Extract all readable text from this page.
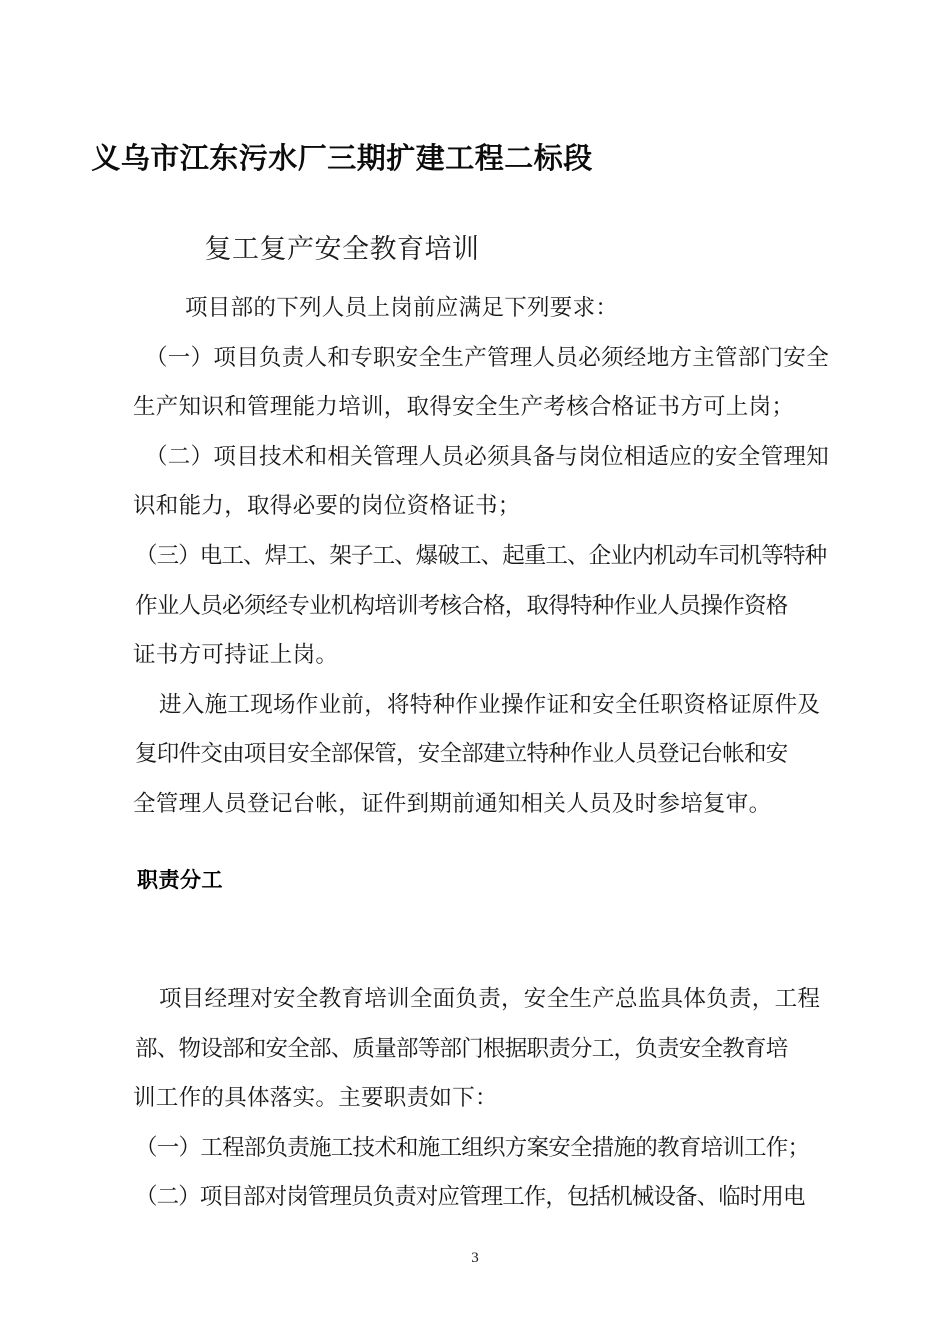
义乌市江东污水厂三期扩建工程二标段
复工复产安全教育培训
项目部的下列人员上岗前应满足下列要求：
（一）项目负责人和专职安全生产管理人员必须经地方主管部门安全
生产知识和管理能力培训，取得安全生产考核合格证书方可上岗；
（二）项目技术和相关管理人员必须具备与岗位相适应的安全管理知
识和能力，取得必要的岗位资格证书；
（三）电工、焊工、架子工、爆破工、起重工、企业内机动车司机等特种
作业人员必须经专业机构培训考核合格，取得特种作业人员操作资格
证书方可持证上岗。
进入施工现场作业前，将特种作业操作证和安全任职资格证原件及
复印件交由项目安全部保管，安全部建立特种作业人员登记台帐和安
全管理人员登记台帐，证件到期前通知相关人员及时参培复审。
职责分工
项目经理对安全教育培训全面负责，安全生产总监具体负责，工程
部、物设部和安全部、质量部等部门根据职责分工，负责安全教育培
训工作的具体落实。主要职责如下：
（一）工程部负责施工技术和施工组织方案安全措施的教育培训工作；
（二）项目部对岗管理员负责对应管理工作，包括机械设备、临时用电
3
